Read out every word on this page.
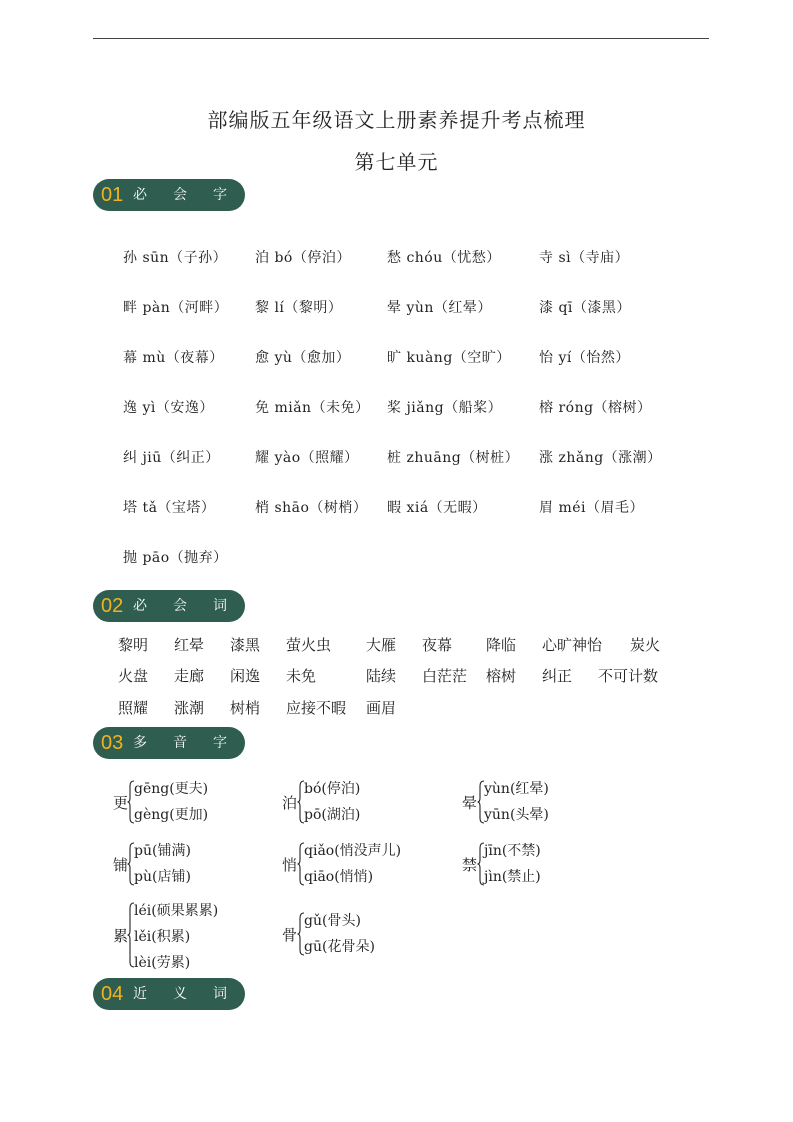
部编版五年级语文上册素养提升考点梳理
第七单元
01 必会字
02 必会词
03 多音字
04 近义词
孙 sūn（子孙） 泊 bó（停泊）	愁 chóu（忧愁）	寺 sì（寺庙）
畔 pàn（河畔） 黎 lí（黎明）	晕 yùn（红晕）	漆 qī（漆黑）
幕 mù（夜幕） 愈 yù（愈加）	旷 kuàng（空旷） 怡 yí（怡然）
逸 yì（安逸）	免 miǎn（未免） 桨 jiǎng（船桨）	榕 róng（榕树）
纠 jiū（纠正）	耀 yào（照耀） 桩 zhuāng（树桩） 涨 zhǎng（涨潮）
塔 tǎ（宝塔）	梢 shāo（树梢） 暇 xiá（无暇）	眉 méi（眉毛）
抛 pāo（抛弃）
黎明 红晕 漆黑 萤火虫 大雁 夜幕 降临 心旷神怡 炭火
火盘 走廊 闲逸 未免	陆续 白茫茫 榕树 纠正 不可计数
照耀 涨潮 树梢 应接不暇 画眉
更
gēng(更夫)
gèng(更加)
泊
bó(停泊)
pō(湖泊)
晕
yùn(红晕)
yūn(头晕)
铺
pū(铺满)
pù(店铺)
悄
qiǎo(悄没声儿)
qiāo(悄悄)
禁
jīn(不禁)
jìn(禁止)
累
léi(硕果累累)
lěi(积累)
lèi(劳累)
骨
gǔ(骨头)
gū(花骨朵)
